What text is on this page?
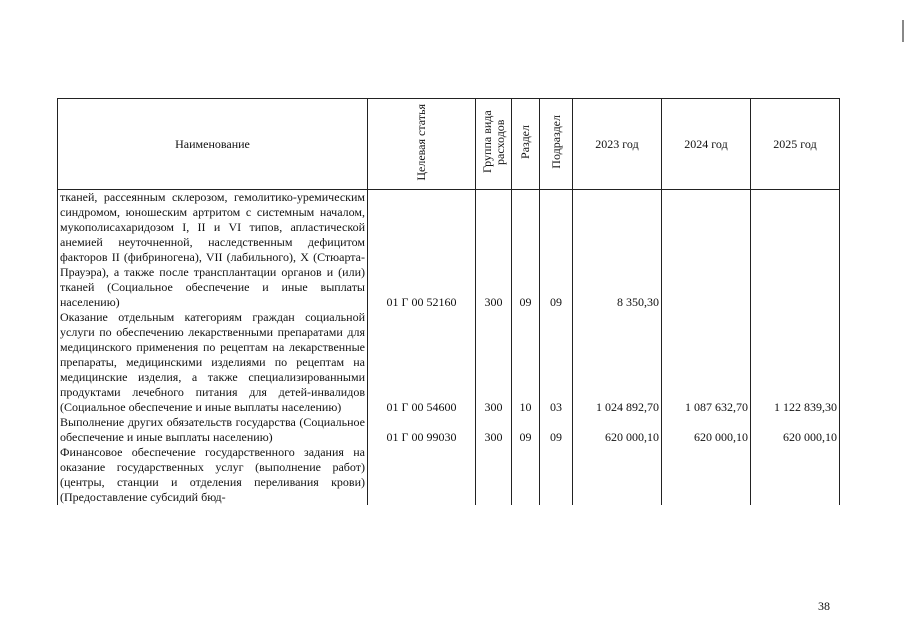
Наименование	Целевая статья	Группа вида расходов	Раздел	Подраздел	2023 год	2024 год	2025 год
тканей, рассеянным склерозом, гемолитико-уремическим синдромом, юношеским артритом с системным началом, мукополисахаридозом I, II и VI типов, апластической анемией неуточненной, наследственным дефицитом факторов II (фибриногена), VII (лабильного), X (Стюарта-Прауэра), а также после трансплантации органов и (или) тканей (Социальное обеспечение и иные выплаты населению)	01 Г 00 52160	300	09	09	8 350,30		
Оказание отдельным категориям граждан социальной услуги по обеспечению лекарственными препаратами для медицинского применения по рецептам на лекарственные препараты, медицинскими изделиями по рецептам на медицинские изделия, а также специализированными продуктами лечебного питания для детей-инвалидов (Социальное обеспечение и иные выплаты населению)	01 Г 00 54600	300	10	03	1 024 892,70	1 087 632,70	1 122 839,30
Выполнение других обязательств государства (Социальное обеспечение и иные выплаты населению)	01 Г 00 99030	300	09	09	620 000,10	620 000,10	620 000,10
Финансовое обеспечение государственного задания на оказание государственных услуг (выполнение работ) (центры, станции и отделения переливания крови) (Предоставление субсидий бюд-							
38
